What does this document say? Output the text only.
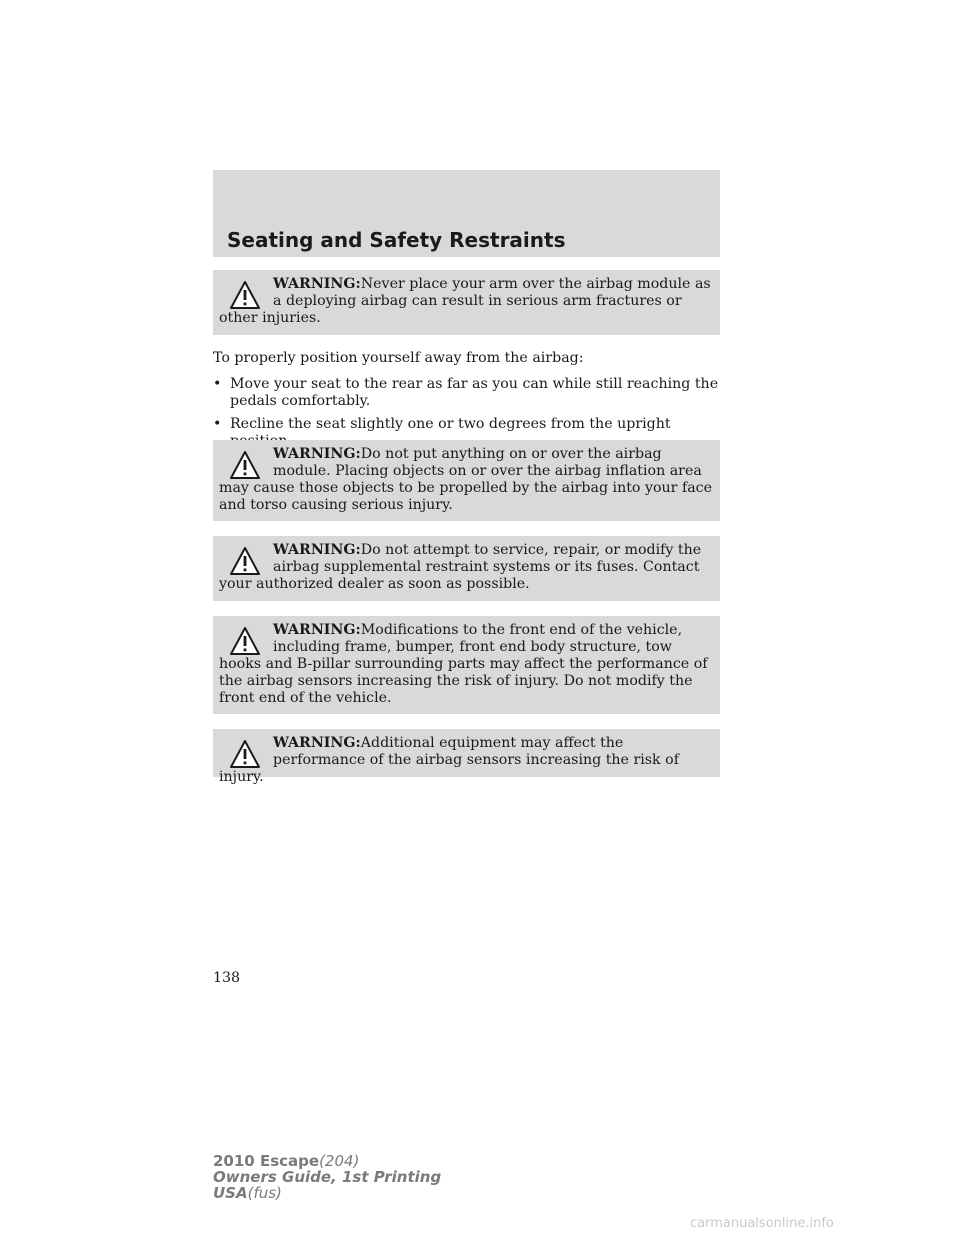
Seating and Safety Restraints
WARNING:Never place your arm over the airbag module as a deploying airbag can result in serious arm fractures or other injuries.
To properly position yourself away from the airbag:
• Move your seat to the rear as far as you can while still reaching the pedals comfortably.
• Recline the seat slightly one or two degrees from the upright
WARNING:Do not put anything on or over the airbag module. Placing objects on or over the airbag inflation area may cause those objects to be propelled by the airbag into your face and torso causing serious injury.
WARNING:Do not attempt to service, repair, or modify the airbag supplemental restraint systems or its fuses. Contact your authorized dealer as soon as possible.
WARNING:Modifications to the front end of the vehicle, including frame, bumper, front end body structure, tow hooks and B-pillar surrounding parts may affect the performance of the airbag sensors increasing the risk of injury. Do not modify the front end of the vehicle.
WARNING:Additional equipment may affect the performance of the airbag sensors increasing the risk of injury.
138
2010 Escape(204)
Owners Guide, 1st Printing
USA(fus)
carmanualsonline.info
